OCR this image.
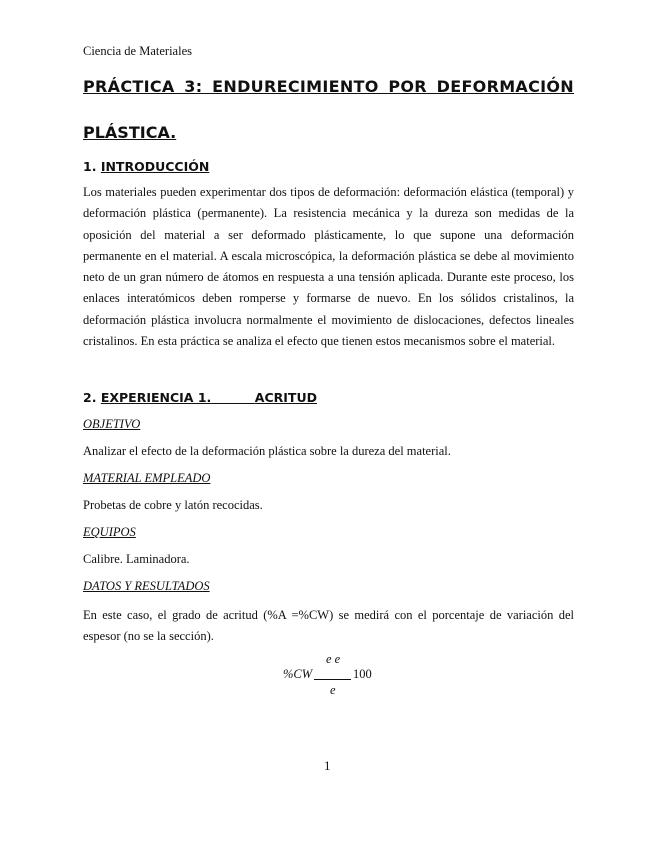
Ciencia de Materiales
PRÁCTICA 3: ENDURECIMIENTO POR DEFORMACIÓN
PLÁSTICA.
1. INTRODUCCIÓN
Los materiales pueden experimentar dos tipos de deformación: deformación elástica (temporal) y deformación plástica (permanente). La resistencia mecánica y la dureza son medidas de la oposición del material a ser deformado plásticamente, lo que supone una deformación permanente en el material. A escala microscópica, la deformación plástica se debe al movimiento neto de un gran número de átomos en respuesta a una tensión aplicada. Durante este proceso, los enlaces interatómicos deben romperse y formarse de nuevo. En los sólidos cristalinos, la deformación plástica involucra normalmente el movimiento de dislocaciones, defectos lineales cristalinos. En esta práctica se analiza el efecto que tienen estos mecanismos sobre el material.
2. EXPERIENCIA 1.	ACRITUD
OBJETIVO
Analizar el efecto de la deformación plástica sobre la dureza del material.
MATERIAL EMPLEADO
Probetas de cobre y latón recocidas.
EQUIPOS
Calibre. Laminadora.
DATOS Y RESULTADOS
En este caso, el grado de acritud (%A =%CW) se medirá con el porcentaje de variación del espesor (no se la sección).
e e
%CW	100
e
1
